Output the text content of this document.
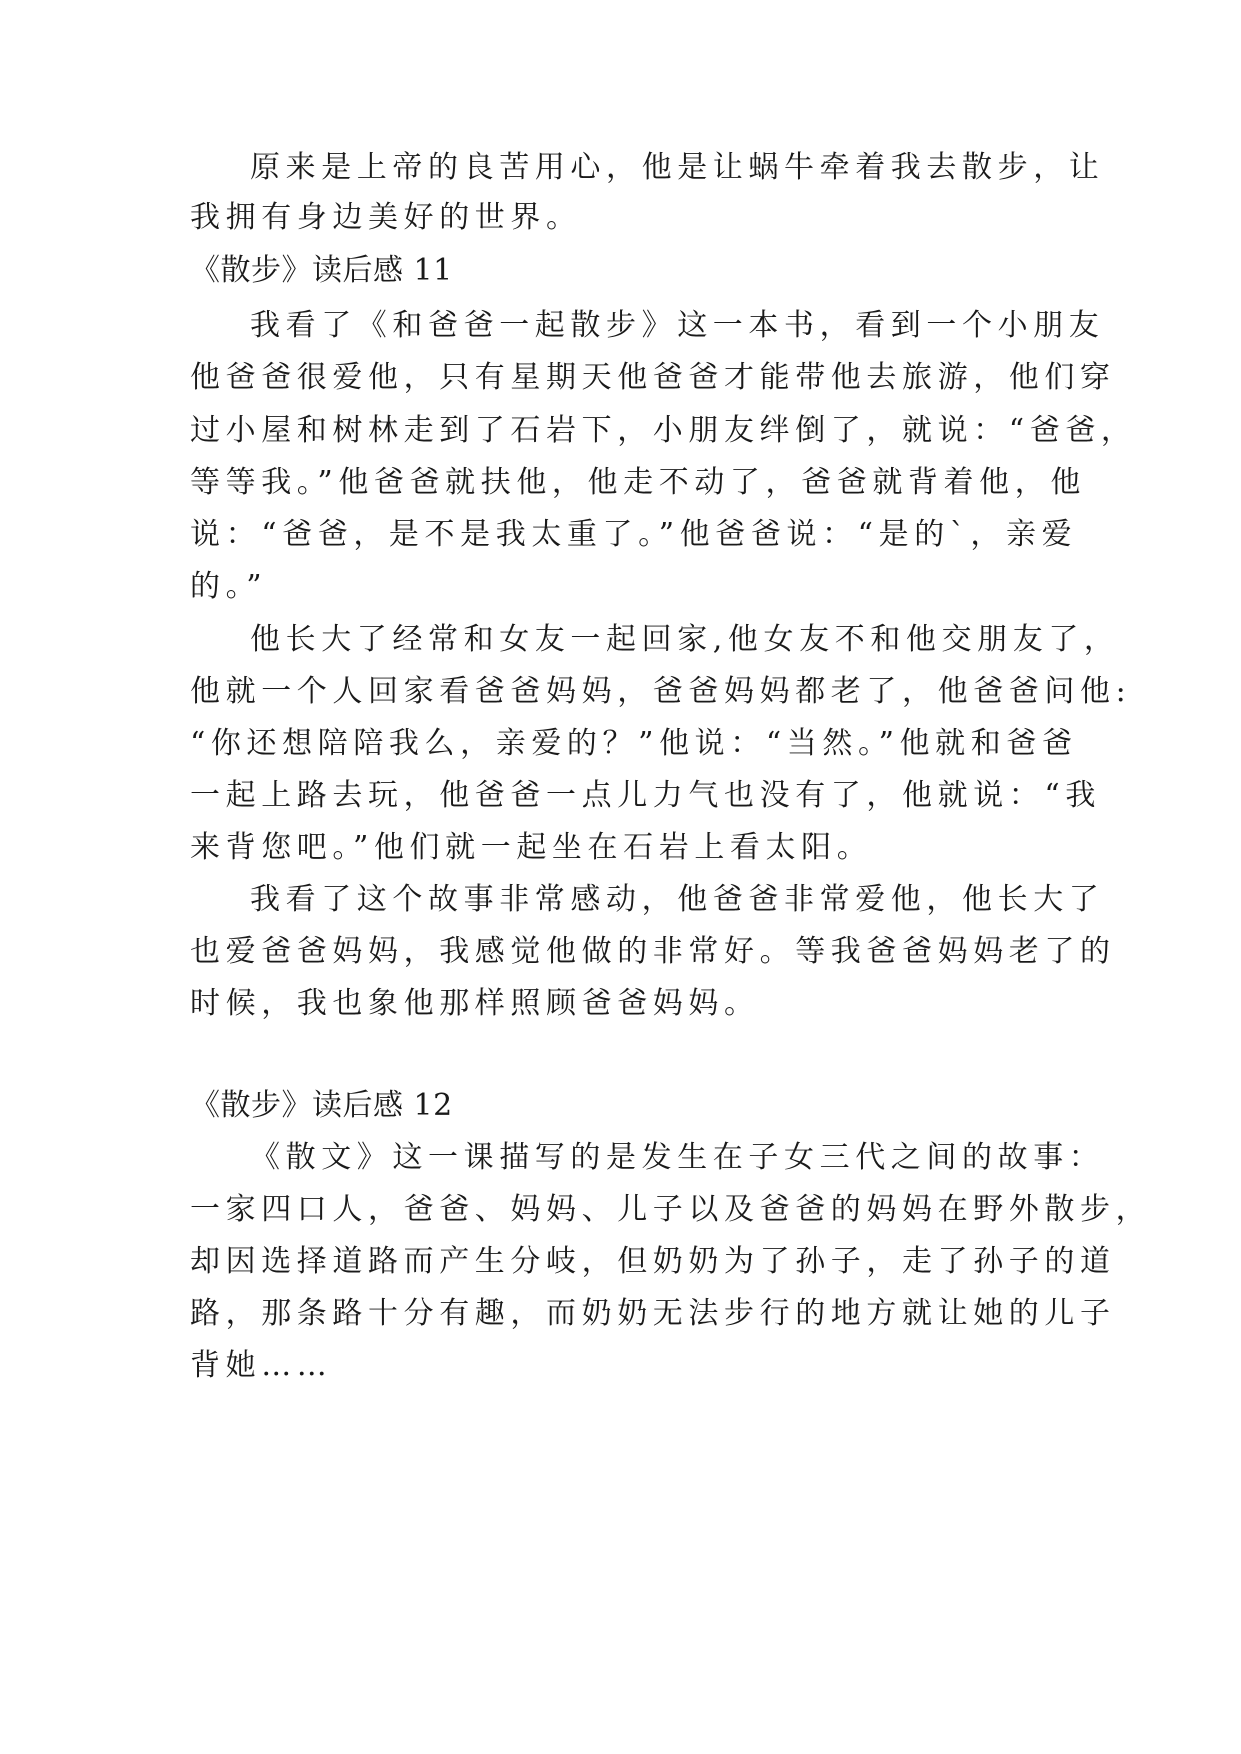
原来是上帝的良苦用心，他是让蜗牛牵着我去散步，让
我拥有身边美好的世界。
《散步》读后感 11
我看了《和爸爸一起散步》这一本书，看到一个小朋友
他爸爸很爱他，只有星期天他爸爸才能带他去旅游，他们穿
过小屋和树林走到了石岩下，小朋友绊倒了，就说：“爸爸，
等等我。”他爸爸就扶他，他走不动了，爸爸就背着他，他
说：“爸爸，是不是我太重了。”他爸爸说：“是的`，亲爱
的。”
他长大了经常和女友一起回家,他女友不和他交朋友了，
他就一个人回家看爸爸妈妈，爸爸妈妈都老了，他爸爸问他:
“你还想陪陪我么，亲爱的？”他说：“当然。”他就和爸爸
一起上路去玩，他爸爸一点儿力气也没有了，他就说：“我
来背您吧。”他们就一起坐在石岩上看太阳。
我看了这个故事非常感动，他爸爸非常爱他，他长大了
也爱爸爸妈妈，我感觉他做的非常好。等我爸爸妈妈老了的
时候，我也象他那样照顾爸爸妈妈。
《散步》读后感 12
《散文》这一课描写的是发生在子女三代之间的故事：
一家四口人，爸爸、妈妈、儿子以及爸爸的妈妈在野外散步，
却因选择道路而产生分岐，但奶奶为了孙子，走了孙子的道
路，那条路十分有趣，而奶奶无法步行的地方就让她的儿子
背她……
